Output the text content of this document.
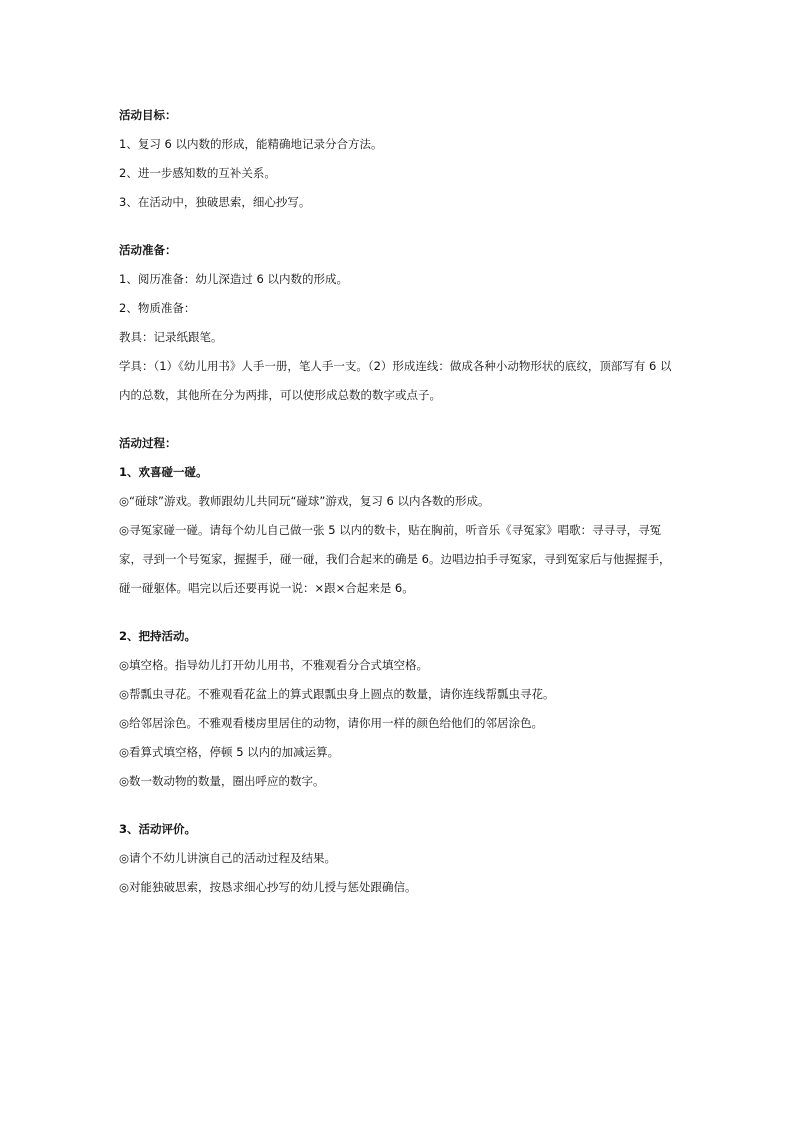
活动目标：

1、复习 6 以内数的形成，能精确地记录分合方法。

2、进一步感知数的互补关系。

3、在活动中，独破思索，细心抄写。

活动准备：

1、阅历准备：幼儿深造过 6 以内数的形成。

2、物质准备：

教具：记录纸跟笔。

学具：（1）《幼儿用书》人手一册，笔人手一支。（2）形成连线：做成各种小动物形状的底纹，顶部写有 6 以内的总数，其他所在分为两排，可以使形成总数的数字或点子。

活动过程：

1、欢喜碰一碰。

◎“碰球”游戏。教师跟幼儿共同玩“碰球”游戏，复习 6 以内各数的形成。

◎寻冤家碰一碰。请每个幼儿自己做一张 5 以内的数卡，贴在胸前，听音乐《寻冤家》唱歌：寻寻寻，寻冤家，寻到一个号冤家，握握手，碰一碰，我们合起来的确是 6。边唱边拍手寻冤家，寻到冤家后与他握握手，碰一碰躯体。唱完以后还要再说一说：×跟×合起来是 6。

2、把持活动。

◎填空格。指导幼儿打开幼儿用书，不雅观看分合式填空格。

◎帮瓢虫寻花。不雅观看花盆上的算式跟瓢虫身上圆点的数量，请你连线帮瓢虫寻花。

◎给邻居涂色。不雅观看楼房里居住的动物，请你用一样的颜色给他们的邻居涂色。

◎看算式填空格，停顿 5 以内的加减运算。

◎数一数动物的数量，圈出呼应的数字。

3、活动评价。

◎请个不幼儿讲演自己的活动过程及结果。

◎对能独破思索，按恳求细心抄写的幼儿授与惩处跟确信。
